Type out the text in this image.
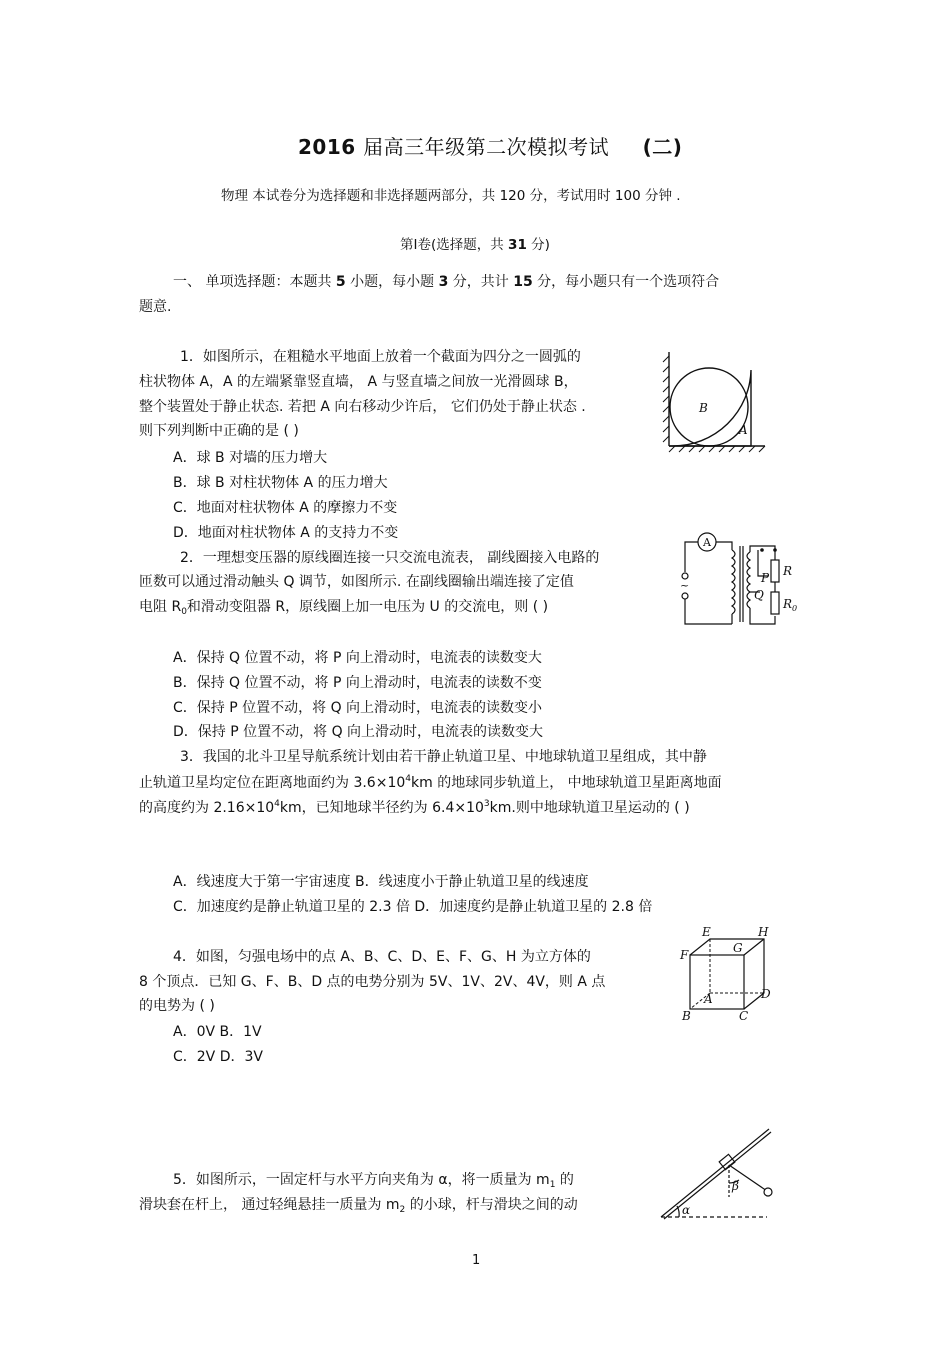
2016 届高三年级第二次模拟考试 (二)
物理 本试卷分为选择题和非选择题两部分，共 120 分，考试用时 100 分钟 .
第Ⅰ卷(选择题，共 31 分)
一、 单项选择题：本题共 5 小题，每小题 3 分，共计 15 分，每小题只有一个选项符合
题意.
1．如图所示，在粗糙水平地面上放着一个截面为四分之一圆弧的
柱状物体 A，A 的左端紧靠竖直墙， A 与竖直墙之间放一光滑圆球 B，
整个装置处于静止状态. 若把 A 向右移动少许后， 它们仍处于静止状态 .
则下列判断中正确的是 ( )
A．球 B 对墙的压力增大
B．球 B 对柱状物体 A 的压力增大
C．地面对柱状物体 A 的摩擦力不变
D．地面对柱状物体 A 的支持力不变
B
A
2．一理想变压器的原线圈连接一只交流电流表， 副线圈接入电路的
匝数可以通过滑动触头 Q 调节，如图所示. 在副线圈输出端连接了定值
电阻 $R_0$和滑动变阻器 R，原线圈上加一电压为 U 的交流电，则 ( )
A．保持 Q 位置不动，将 P 向上滑动时，电流表的读数变大
B．保持 Q 位置不动，将 P 向上滑动时，电流表的读数不变
C．保持 P 位置不动，将 Q 向上滑动时，电流表的读数变小
D．保持 P 位置不动，将 Q 向上滑动时，电流表的读数变大
A
~
P
Q
R
$R_0$
3．我国的北斗卫星导航系统计划由若干静止轨道卫星、中地球轨道卫星组成，其中静
止轨道卫星均定位在距离地面约为 $3.6\times 10^4km$ 的地球同步轨道上， 中地球轨道卫星距离地面
的高度约为 $2.16\times 10^4km$，已知地球半径约为 $6.4\times 10^3km$.则中地球轨道卫星运动的 ( )
A．线速度大于第一宇宙速度 B．线速度小于静止轨道卫星的线速度
C．加速度约是静止轨道卫星的 2.3 倍 D．加速度约是静止轨道卫星的 2.8 倍
4．如图，匀强电场中的点 A、B、C、D、E、F、G、H 为立方体的
8 个顶点．已知 G、F、B、D 点的电势分别为 5V、1V、2V、4V，则 A 点
的电势为 ( )
A．0V B．1V
C．2V D．3V
E
G
H
F
A	D
B	C
5．如图所示，一固定杆与水平方向夹角为 α，将一质量为 $m_1$ 的
滑块套在杆上， 通过轻绳悬挂一质量为 $m_2$ 的小球，杆与滑块之间的动
β
α
1
